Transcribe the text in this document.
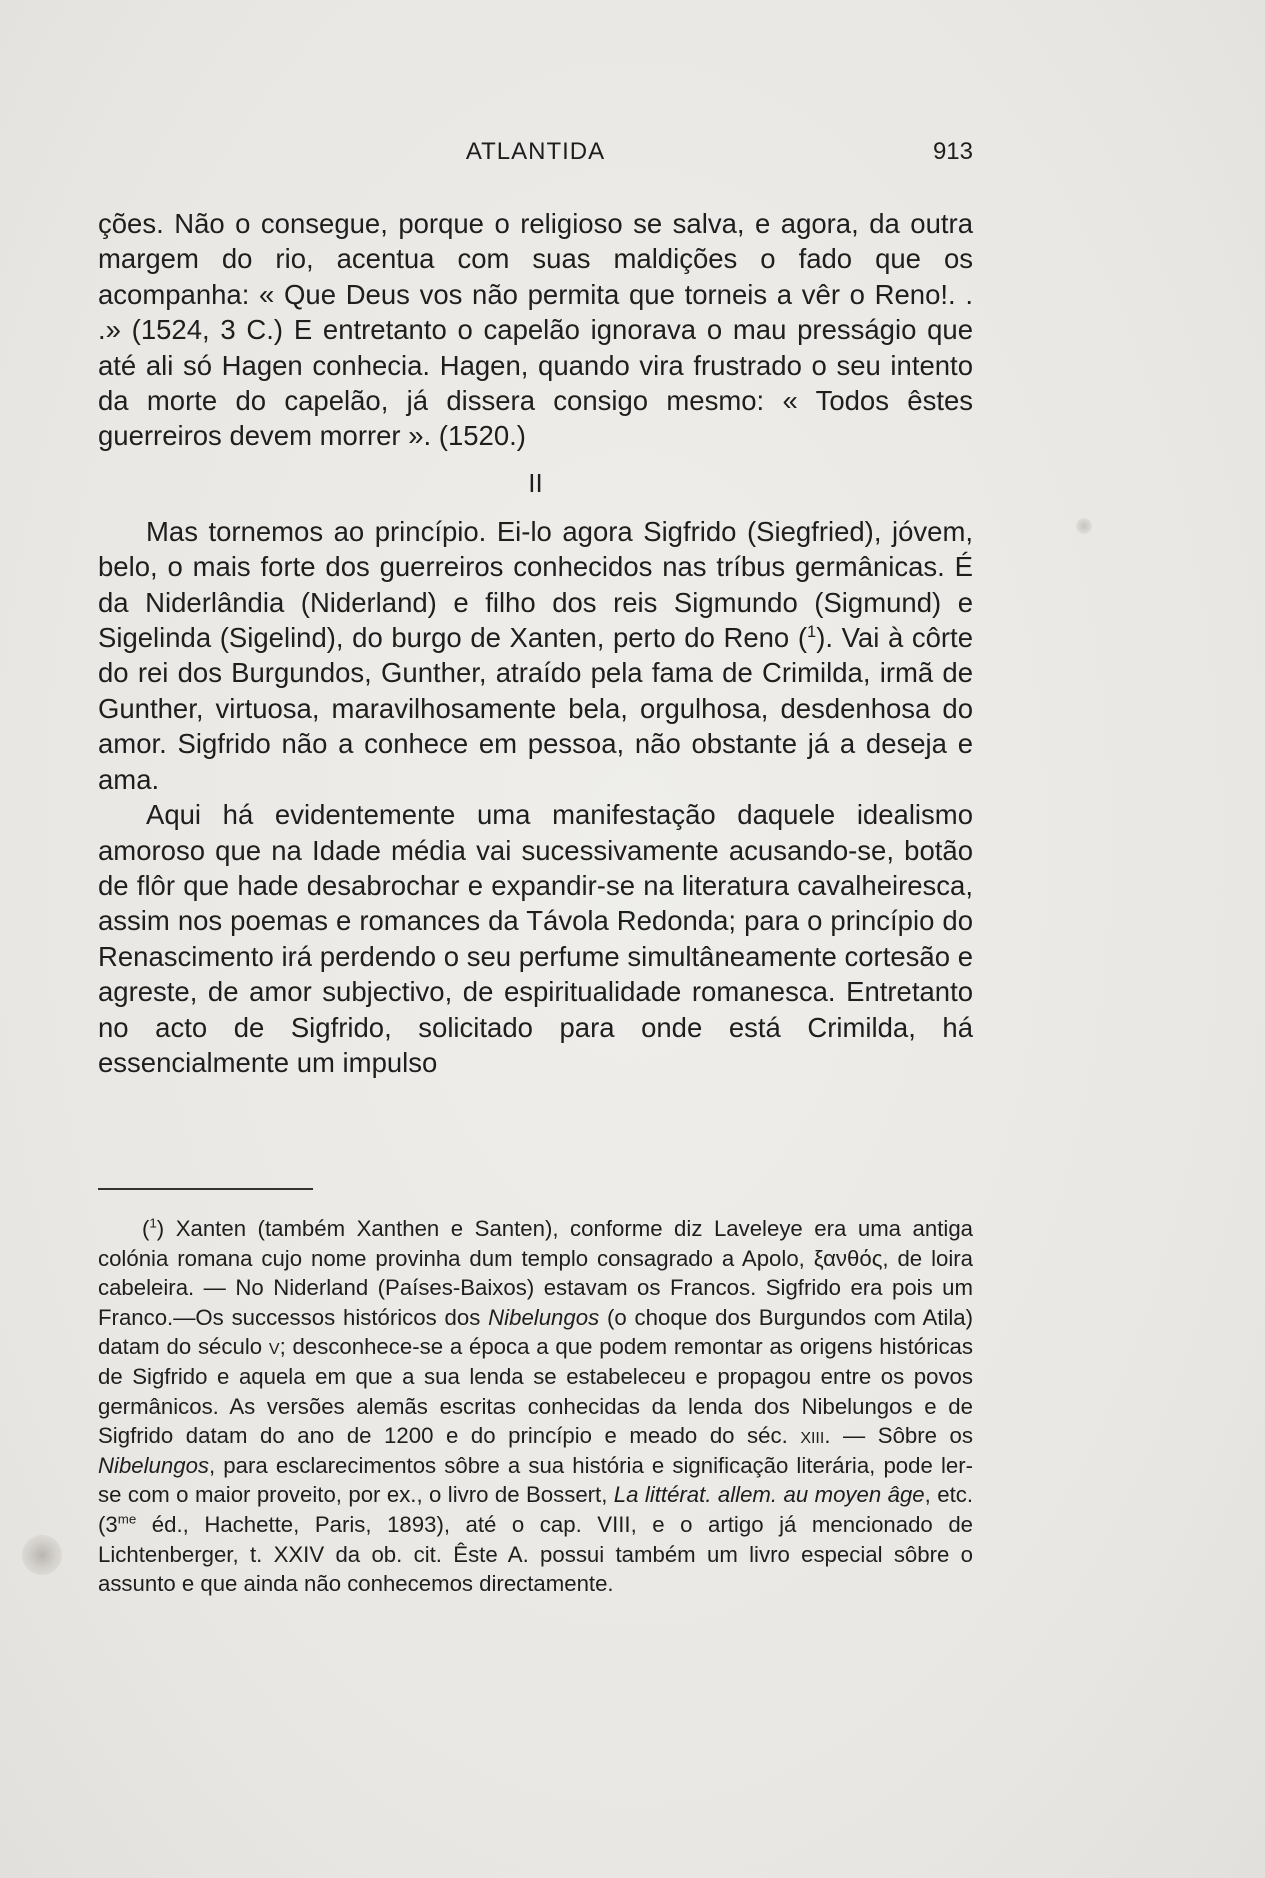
ATLANTIDA	913

ções. Não o consegue, porque o religioso se salva, e agora, da outra margem do rio, acentua com suas maldições o fado que os acompanha: « Que Deus vos não permita que torneis a vêr o Reno!. . .» (1524, 3 C.) E entretanto o capelão ignorava o mau presságio que até ali só Hagen conhecia. Hagen, quando vira frustrado o seu intento da morte do capelão, já dissera consigo mesmo: « Todos êstes guerreiros devem morrer ». (1520.)

II

Mas tornemos ao princípio. Ei-lo agora Sigfrido (Siegfried), jóvem, belo, o mais forte dos guerreiros conhecidos nas tríbus germânicas. É da Niderlândia (Niderland) e filho dos reis Sigmundo (Sigmund) e Sigelinda (Sigelind), do burgo de Xanten, perto do Reno ($^1$). Vai à côrte do rei dos Burgundos, Gunther, atraído pela fama de Crimilda, irmã de Gunther, virtuosa, maravilhosamente bela, orgulhosa, desdenhosa do amor. Sigfrido não a conhece em pessoa, não obstante já a deseja e ama.

Aqui há evidentemente uma manifestação daquele idealismo amoroso que na Idade média vai sucessivamente acusando-se, botão de flôr que hade desabrochar e expandir-se na literatura cavalheiresca, assim nos poemas e romances da Távola Redonda; para o princípio do Renascimento irá perdendo o seu perfume simultâneamente cortesão e agreste, de amor subjectivo, de espiritualidade romanesca. Entretanto no acto de Sigfrido, solicitado para onde está Crimilda, há essencialmente um impulso

($^1$) Xanten (também Xanthen e Santen), conforme diz Laveleye era uma antiga colónia romana cujo nome provinha dum templo consagrado a Apolo, ξανθός, de loira cabeleira. — No Niderland (Países-Baixos) estavam os Francos. Sigfrido era pois um Franco.—Os successos históricos dos Nibelungos (o choque dos Burgundos com Atila) datam do século v; desconhece-se a época a que podem remontar as origens históricas de Sigfrido e aquela em que a sua lenda se estabeleceu e propagou entre os povos germânicos. As versões alemãs escritas conhecidas da lenda dos Nibelungos e de Sigfrido datam do ano de 1200 e do princípio e meado do séc. xiii. — Sôbre os Nibelungos, para esclarecimentos sôbre a sua história e significação literária, pode ler-se com o maior proveito, por ex., o livro de Bossert, La littérat. allem. au moyen âge, etc. ($3^{me}$ éd., Hachette, Paris, 1893), até o cap. VIII, e o artigo já mencionado de Lichtenberger, t. XXIV da ob. cit. Êste A. possui também um livro especial sôbre o assunto e que ainda não conhecemos directamente.
